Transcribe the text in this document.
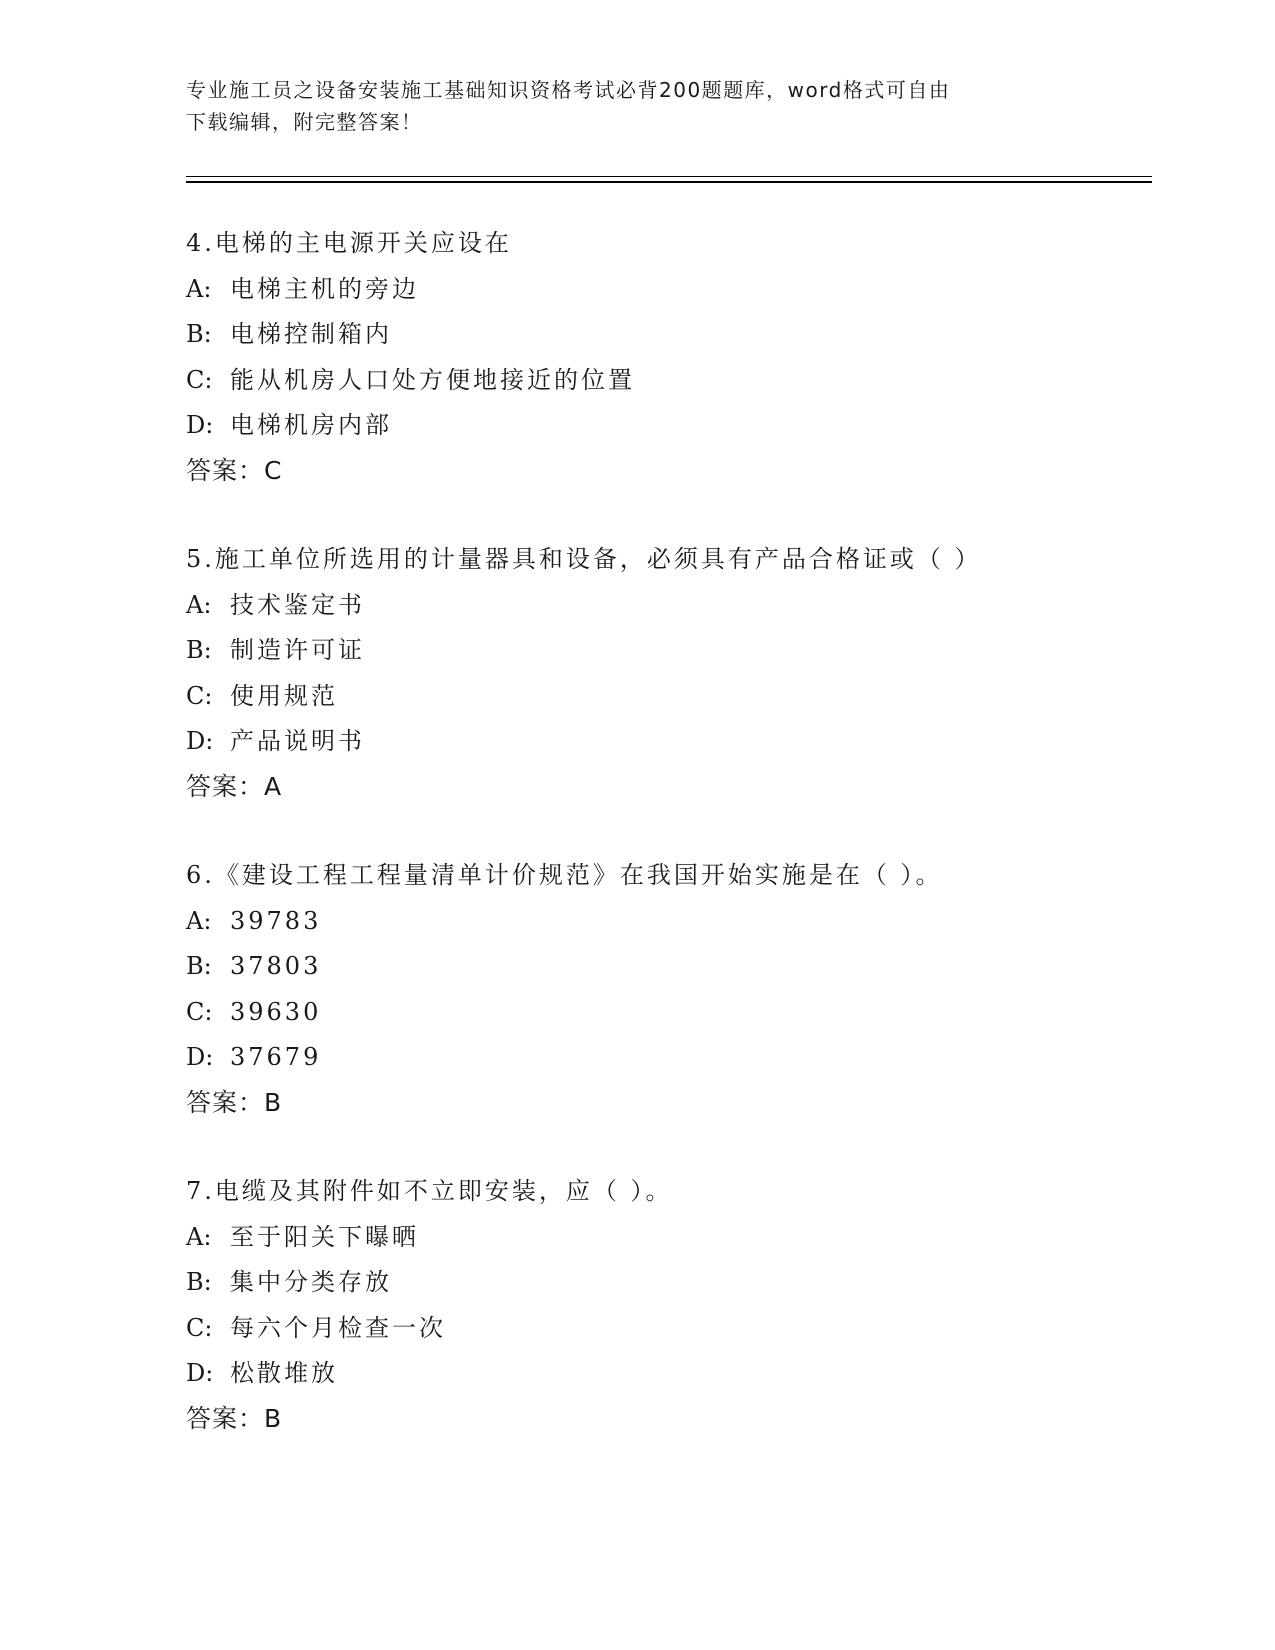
专业施工员之设备安装施工基础知识资格考试必背200题题库，word格式可自由
下载编辑，附完整答案！
4.电梯的主电源开关应设在
A: 电梯主机的旁边
B: 电梯控制箱内
C: 能从机房人口处方便地接近的位置
D: 电梯机房内部
答案：C
5.施工单位所选用的计量器具和设备，必须具有产品合格证或（ ）
A: 技术鉴定书
B: 制造许可证
C: 使用规范
D: 产品说明书
答案：A
6.《建设工程工程量清单计价规范》在我国开始实施是在（ ）。
A: 39783
B: 37803
C: 39630
D: 37679
答案：B
7.电缆及其附件如不立即安装，应（ ）。
A: 至于阳关下曝晒
B: 集中分类存放
C: 每六个月检查一次
D: 松散堆放
答案：B
